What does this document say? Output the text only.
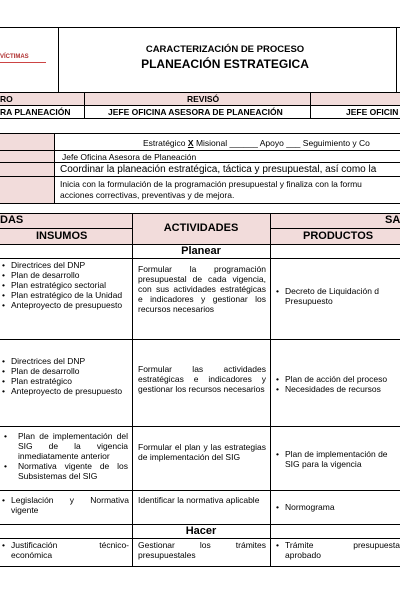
VÍCTIMAS
CARACTERIZACIÓN DE PROCESO
PLANEACIÓN ESTRATEGICA
RO	REVISÓ
RA PLANEACIÓN	JEFE OFICINA ASESORA DE PLANEACIÓN	JEFE OFICIN
Estratégico X Misional ______ Apoyo ___ Seguimiento y Co
Jefe Oficina Asesora de Planeación
Coordinar la planeación estratégica, táctica y presupuestal, así como la
Inicia con la formulación de la programación presupuestal y finaliza con la formu
acciones correctivas, preventivas y de mejora.
DAS
INSUMOS
ACTIVIDADES
SA
PRODUCTOS
Planear
• Directrices del DNP
• Plan de desarrollo
• Plan estratégico sectorial
• Plan estratégico de la Unidad
• Anteproyecto de presupuesto
Formular la programación presupuestal de cada vigencia, con sus actividades estratégicas e indicadores y gestionar los recursos necesarios
• Decreto de Liquidación d Presupuesto
• Directrices del DNP
• Plan de desarrollo
• Plan estratégico
• Anteproyecto de presupuesto
Formular las actividades estratégicas e indicadores y gestionar los recursos necesarios
• Plan de acción del proceso
• Necesidades de recursos
• Plan de implementación del SIG de la vigencia inmediatamente anterior
• Normativa vigente de los Subsistemas del SIG
Formular el plan y las estrategias de implementación del SIG
•	Plan de implementación de SIG para la vigencia
• Legislación y Normativa vigente
Identificar la normativa aplicable
• Normograma
Hacer
• Justificación técnico-económica
Gestionar los trámites presupuestales
• Trámite presupuesta aprobado
